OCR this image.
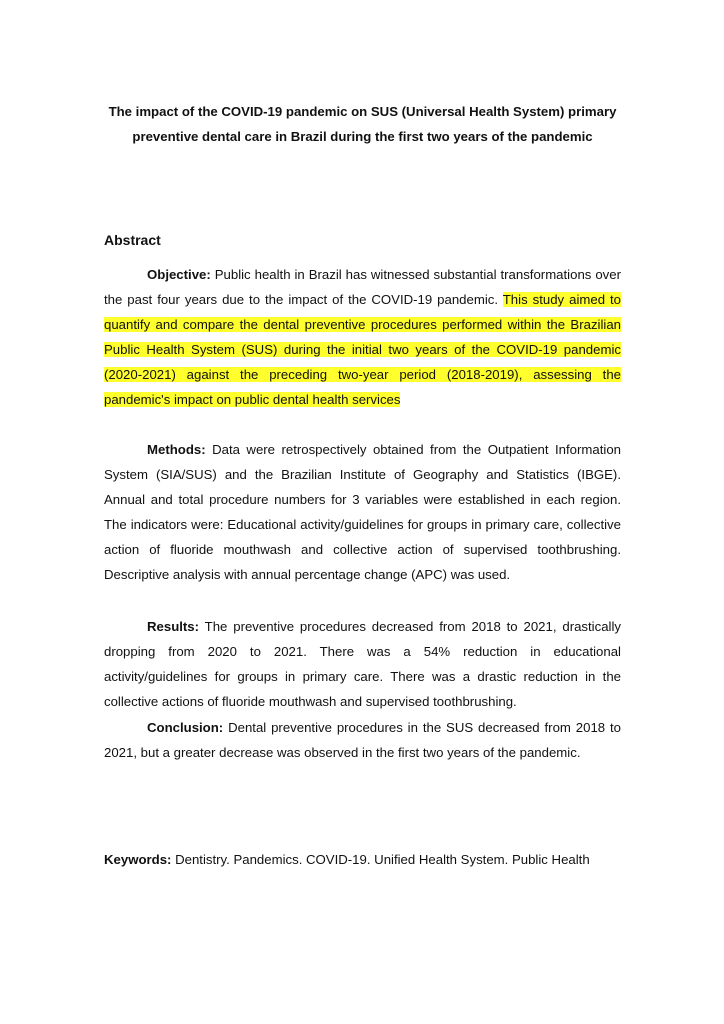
The impact of the COVID-19 pandemic on SUS (Universal Health System) primary preventive dental care in Brazil during the first two years of the pandemic
Abstract

Objective: Public health in Brazil has witnessed substantial transformations over the past four years due to the impact of the COVID-19 pandemic. This study aimed to quantify and compare the dental preventive procedures performed within the Brazilian Public Health System (SUS) during the initial two years of the COVID-19 pandemic (2020-2021) against the preceding two-year period (2018-2019), assessing the pandemic's impact on public dental health services

Methods: Data were retrospectively obtained from the Outpatient Information System (SIA/SUS) and the Brazilian Institute of Geography and Statistics (IBGE). Annual and total procedure numbers for 3 variables were established in each region. The indicators were: Educational activity/guidelines for groups in primary care, collective action of fluoride mouthwash and collective action of supervised toothbrushing. Descriptive analysis with annual percentage change (APC) was used.

Results: The preventive procedures decreased from 2018 to 2021, drastically dropping from 2020 to 2021. There was a 54% reduction in educational activity/guidelines for groups in primary care. There was a drastic reduction in the collective actions of fluoride mouthwash and supervised toothbrushing.

Conclusion: Dental preventive procedures in the SUS decreased from 2018 to 2021, but a greater decrease was observed in the first two years of the pandemic.

Keywords: Dentistry. Pandemics. COVID-19. Unified Health System. Public Health
